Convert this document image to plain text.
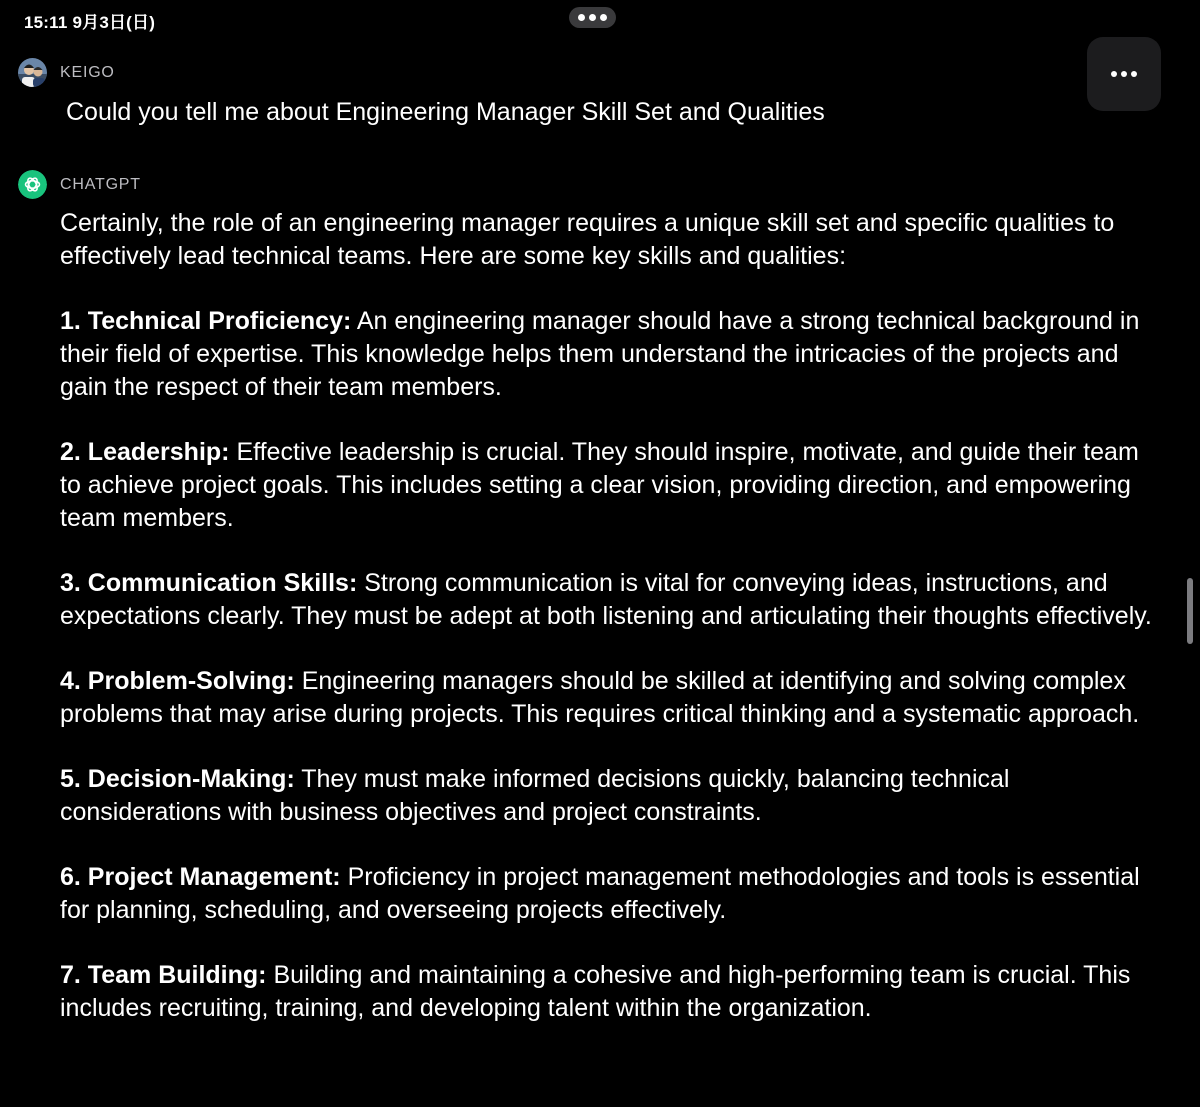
15:11 9月3日(日)
KEIGO
Could you tell me about Engineering Manager Skill Set and Qualities
CHATGPT

Certainly, the role of an engineering manager requires a unique skill set and specific qualities to effectively lead technical teams. Here are some key skills and qualities:

1. Technical Proficiency: An engineering manager should have a strong technical background in their field of expertise. This knowledge helps them understand the intricacies of the projects and gain the respect of their team members.

2. Leadership: Effective leadership is crucial. They should inspire, motivate, and guide their team to achieve project goals. This includes setting a clear vision, providing direction, and empowering team members.

3. Communication Skills: Strong communication is vital for conveying ideas, instructions, and expectations clearly. They must be adept at both listening and articulating their thoughts effectively.

4. Problem-Solving: Engineering managers should be skilled at identifying and solving complex problems that may arise during projects. This requires critical thinking and a systematic approach.

5. Decision-Making: They must make informed decisions quickly, balancing technical considerations with business objectives and project constraints.

6. Project Management: Proficiency in project management methodologies and tools is essential for planning, scheduling, and overseeing projects effectively.

7. Team Building: Building and maintaining a cohesive and high-performing team is crucial. This includes recruiting, training, and developing talent within the organization.
